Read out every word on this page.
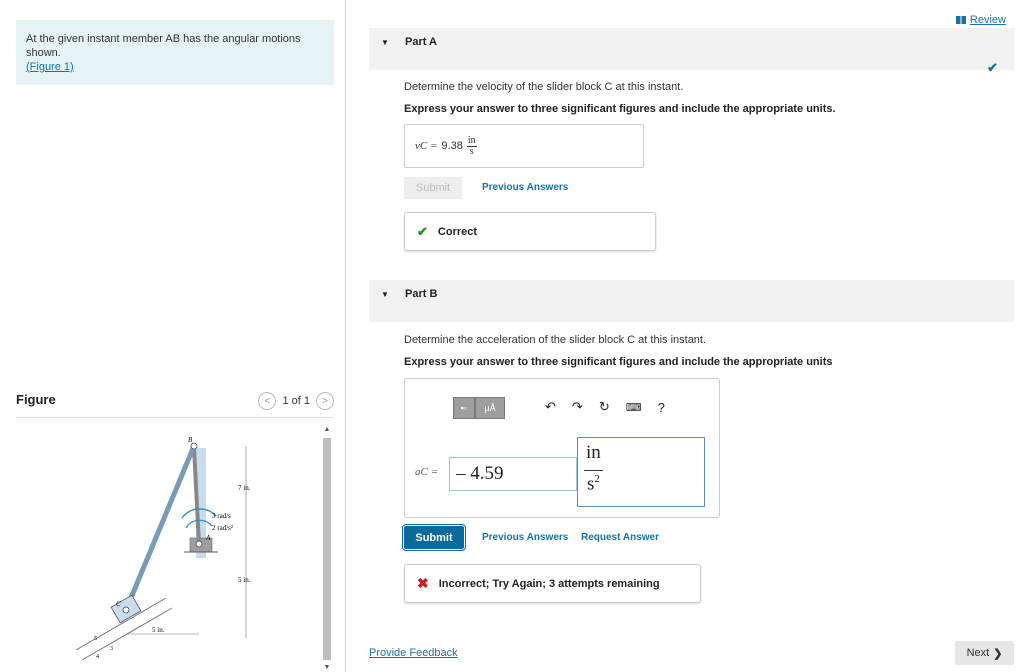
At the given instant member AB has the angular motions shown.
(Figure 1)
Figure	<	1 of 1	>
B
A
C
7 in.
5 in.
5 in.
3 rad/s
2 rad/s²
5
3
4
▲
▼
Review
▼ Part A
✔
Determine the velocity of the slider block C at this instant.
Express your answer to three significant figures and include the appropriate units.
vC = $9.38 \frac{in}{s}$
Submit	Previous Answers
✔ Correct
▼ Part B
Determine the acceleration of the slider block C at this instant.
Express your answer to three significant figures and include the appropriate units
▪▫	μÅ	↶ ↷ ↻ ⌨ ?
aC = – 4.59	$\frac{in}{s^2}$
Submit	Previous Answers Request Answer
✖ Incorrect; Try Again; 3 attempts remaining
Provide Feedback	Next ❯
